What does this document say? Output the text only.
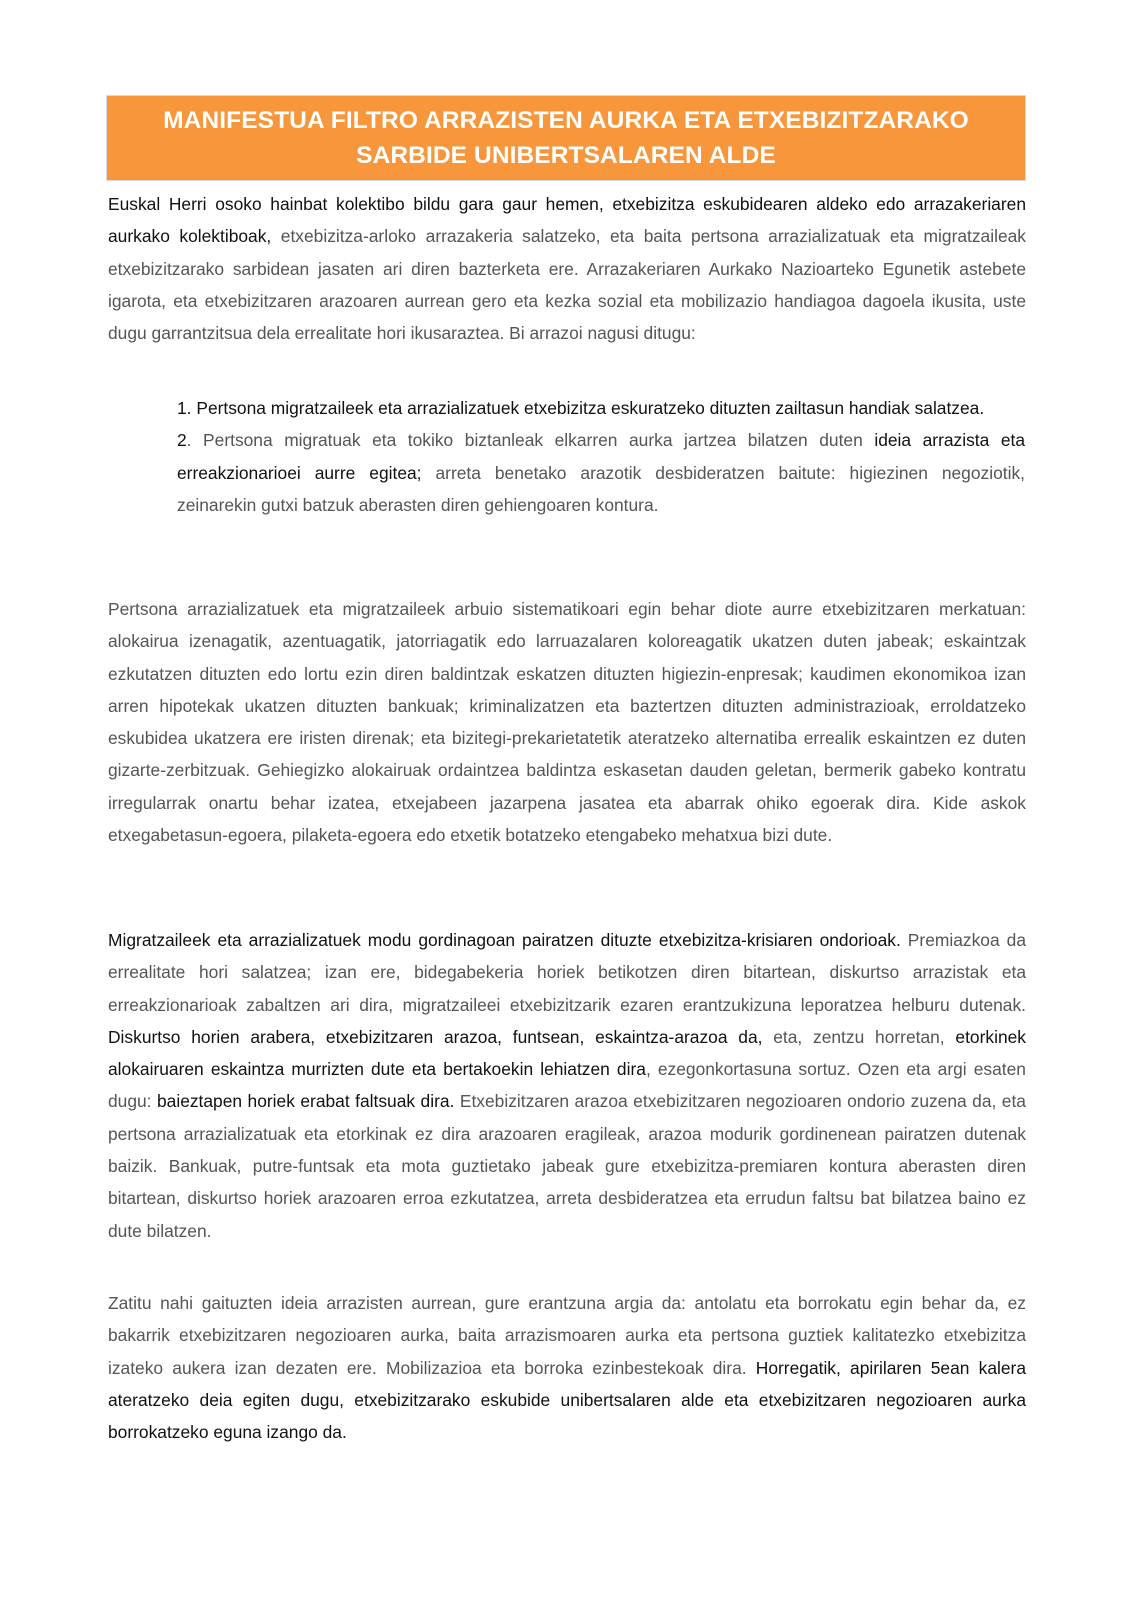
MANIFESTUA FILTRO ARRAZISTEN AURKA ETA ETXEBIZITZARAKO
SARBIDE UNIBERTSALAREN ALDE

Euskal Herri osoko hainbat kolektibo bildu gara gaur hemen, etxebizitza eskubidearen aldeko edo arrazakeriaren aurkako kolektiboak, etxebizitza-arloko arrazakeria salatzeko, eta baita pertsona arrazializatuak eta migratzaileak etxebizitzarako sarbidean jasaten ari diren bazterketa ere. Arrazakeriaren Aurkako Nazioarteko Egunetik astebete igarota, eta etxebizitzaren arazoaren aurrean gero eta kezka sozial eta mobilizazio handiagoa dagoela ikusita, uste dugu garrantzitsua dela errealitate hori ikusaraztea. Bi arrazoi nagusi ditugu:

1. Pertsona migratzaileek eta arrazializatuek etxebizitza eskuratzeko dituzten zailtasun handiak salatzea.

2. Pertsona migratuak eta tokiko biztanleak elkarren aurka jartzea bilatzen duten ideia arrazista eta erreakzionarioei aurre egitea; arreta benetako arazotik desbideratzen baitute: higiezinen negoziotik, zeinarekin gutxi batzuk aberasten diren gehiengoaren kontura.

Pertsona arrazializatuek eta migratzaileek arbuio sistematikoari egin behar diote aurre etxebizitzaren merkatuan: alokairua izenagatik, azentuagatik, jatorriagatik edo larruazalaren koloreagatik ukatzen duten jabeak; eskaintzak ezkutatzen dituzten edo lortu ezin diren baldintzak eskatzen dituzten higiezin-enpresak; kaudimen ekonomikoa izan arren hipotekak ukatzen dituzten bankuak; kriminalizatzen eta baztertzen dituzten administrazioak, erroldatzeko eskubidea ukatzera ere iristen direnak; eta bizitegi-prekarietatetik ateratzeko alternatiba errealik eskaintzen ez duten gizarte-zerbitzuak. Gehiegizko alokairuak ordaintzea baldintza eskasetan dauden geletan, bermerik gabeko kontratu irregularrak onartu behar izatea, etxejabeen jazarpena jasatea eta abarrak ohiko egoerak dira. Kide askok etxegabetasun-egoera, pilaketa-egoera edo etxetik botatzeko etengabeko mehatxua bizi dute.

Migratzaileek eta arrazializatuek modu gordinagoan pairatzen dituzte etxebizitza-krisiaren ondorioak. Premiazkoa da errealitate hori salatzea; izan ere, bidegabekeria horiek betikotzen diren bitartean, diskurtso arrazistak eta erreakzionarioak zabaltzen ari dira, migratzaileei etxebizitzarik ezaren erantzukizuna leporatzea helburu dutenak. Diskurtso horien arabera, etxebizitzaren arazoa, funtsean, eskaintza-arazoa da, eta, zentzu horretan, etorkinek alokairuaren eskaintza murrizten dute eta bertakoekin lehiatzen dira, ezegonkortasuna sortuz. Ozen eta argi esaten dugu: baieztapen horiek erabat faltsuak dira. Etxebizitzaren arazoa etxebizitzaren negozioaren ondorio zuzena da, eta pertsona arrazializatuak eta etorkinak ez dira arazoaren eragileak, arazoa modurik gordinenean pairatzen dutenak baizik. Bankuak, putre-funtsak eta mota guztietako jabeak gure etxebizitza-premiaren kontura aberasten diren bitartean, diskurtso horiek arazoaren erroa ezkutatzea, arreta desbideratzea eta errudun faltsu bat bilatzea baino ez dute bilatzen.

Zatitu nahi gaituzten ideia arrazisten aurrean, gure erantzuna argia da: antolatu eta borrokatu egin behar da, ez bakarrik etxebizitzaren negozioaren aurka, baita arrazismoaren aurka eta pertsona guztiek kalitatezko etxebizitza izateko aukera izan dezaten ere. Mobilizazioa eta borroka ezinbestekoak dira. Horregatik, apirilaren 5ean kalera ateratzeko deia egiten dugu, etxebizitzarako eskubide unibertsalaren alde eta etxebizitzaren negozioaren aurka borrokatzeko eguna izango da.
